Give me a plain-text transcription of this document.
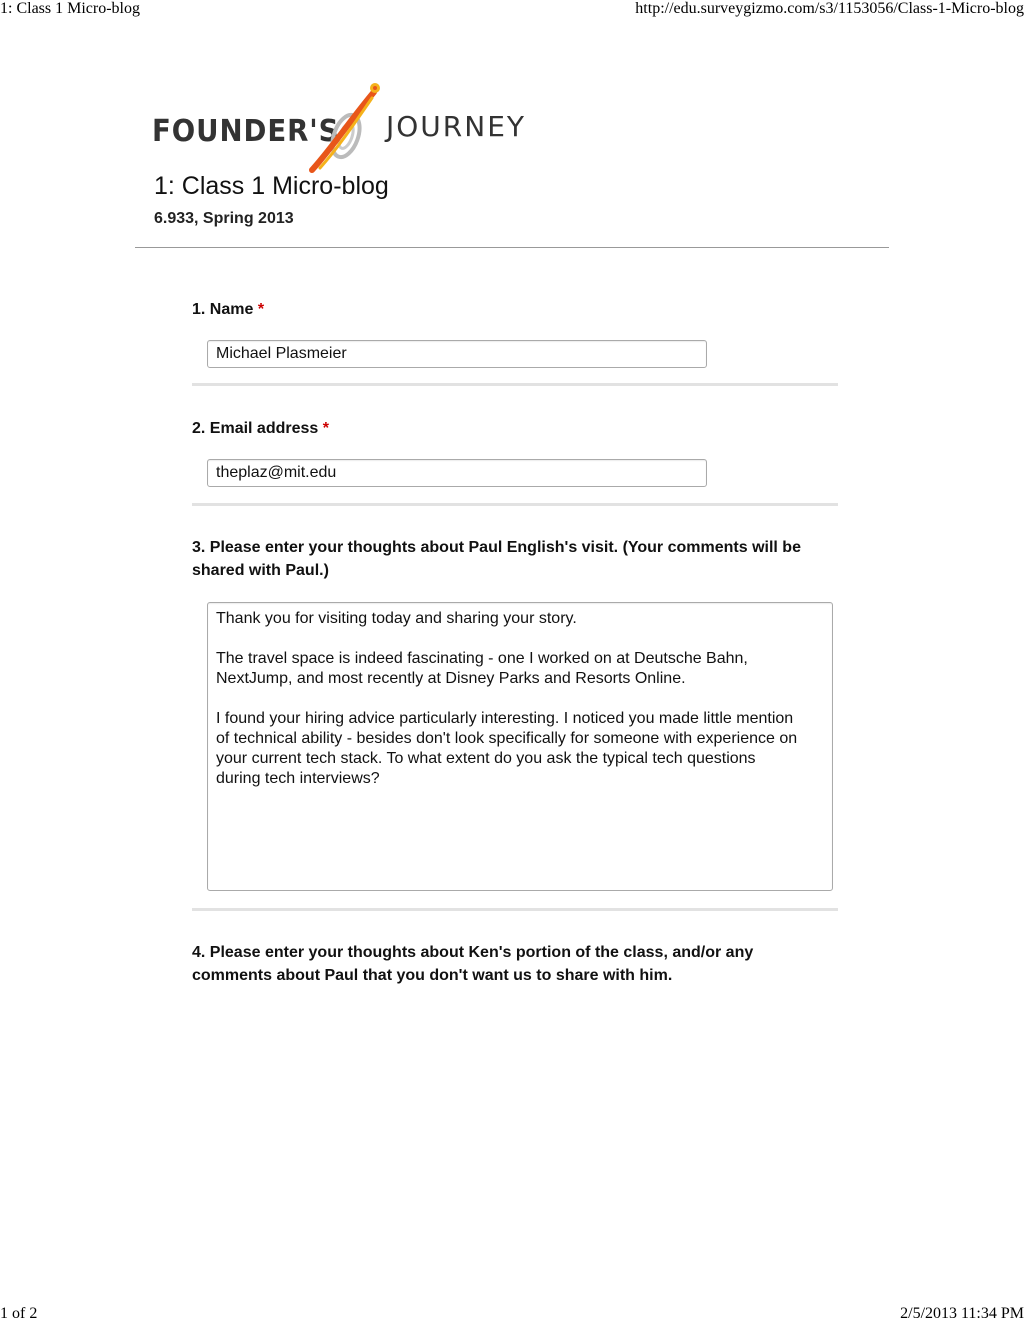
1: Class 1 Micro-blog	http://edu.surveygizmo.com/s3/1153056/Class-1-Micro-blog
FOUNDER'S JOURNEY
1: Class 1 Micro-blog
6.933, Spring 2013
1. Name *
Michael Plasmeier
2. Email address *
theplaz@mit.edu
3. Please enter your thoughts about Paul English's visit. (Your comments will be
shared with Paul.)

Thank you for visiting today and sharing your story.

The travel space is indeed fascinating - one I worked on at Deutsche Bahn,

NextJump, and most recently at Disney Parks and Resorts Online.

I found your hiring advice particularly interesting. I noticed you made little mention

of technical ability - besides don't look specifically for someone with experience on

your current tech stack. To what extent do you ask the typical tech questions

during tech interviews?

4. Please enter your thoughts about Ken's portion of the class, and/or any
comments about Paul that you don't want us to share with him.
1 of 2	2/5/2013 11:34 PM
